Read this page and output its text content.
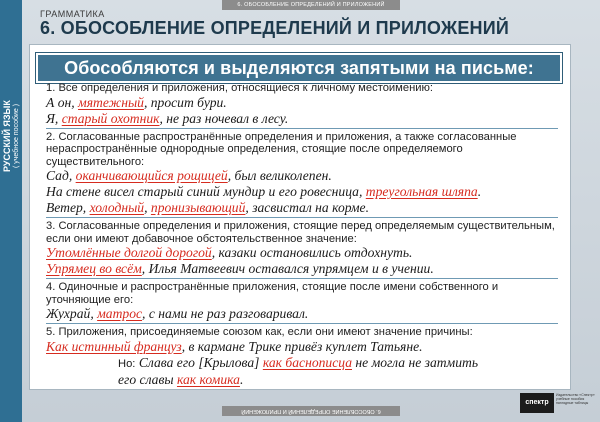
РУССКИЙ ЯЗЫК
( учебное пособие )
6. ОБОСОБЛЕНИЕ ОПРЕДЕЛЕНИЙ И ПРИЛОЖЕНИЙ
6. ОБОСОБЛЕНИЕ ОПРЕДЕЛЕНИЙ И ПРИЛОЖЕНИЙ
ГРАММАТИКА
6. ОБОСОБЛЕНИЕ ОПРЕДЕЛЕНИЙ И ПРИЛОЖЕНИЙ
Обособляются и выделяются запятыми на письме:

1. Все определения и приложения, относящиеся к личному местоимению:

А он, мятежный, просит бури.

Я, старый охотник, не раз ночевал в лесу.

2. Согласованные распространённые определения и приложения, а также согласованные нераспространённые однородные определения, стоящие после определяемого существительного:

Сад, оканчивающийся рощицей, был великолепен.

На стене висел старый синий мундир и его ровесница, треугольная шляпа.

Ветер, холодный, пронизывающий, засвистал на корме.

3. Согласованные определения и приложения, стоящие перед определяемым существительным, если они имеют добавочное обстоятельственное значение:

Утомлённые долгой дорогой, казаки остановились отдохнуть.

Упрямец во всём, Илья Матвеевич оставался упрямцем и в учении.

4. Одиночные и распространённые приложения, стоящие после имени собственного и уточняющие его:

Жухрай, матрос, с нами не раз разговаривал.

5. Приложения, присоединяемые союзом как, если они имеют значение причины:

Как истинный француз, в кармане Трике привёз куплет Татьяне.

Но: Слава его [Крылова] как баснописца не могла не затмить

его славы как комика.

спектр
Издательство «Спектр» учебные пособия наглядные таблицы
